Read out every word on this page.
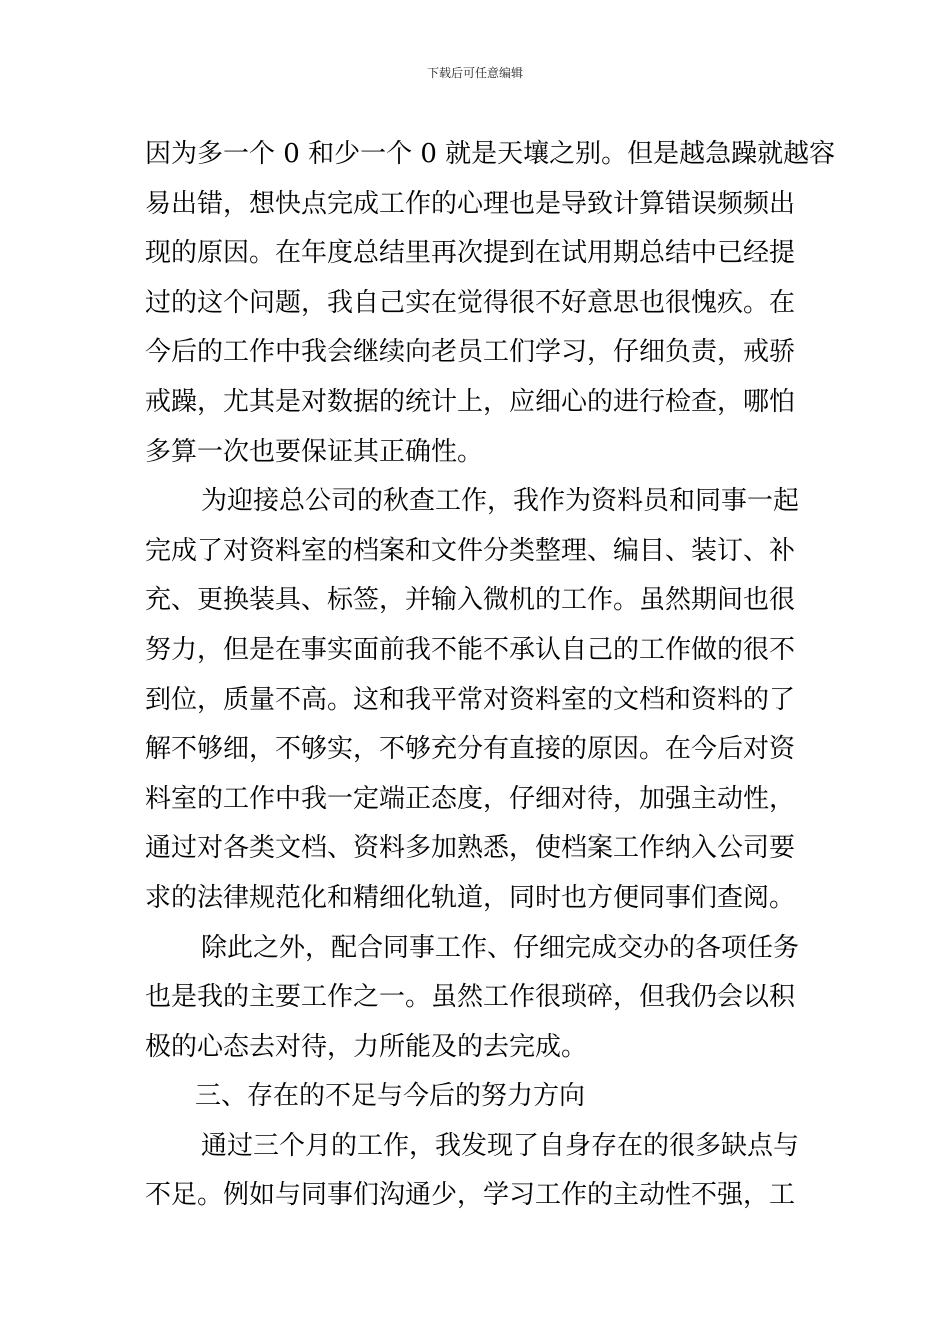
下载后可任意编辑
因为多一个 0 和少一个 0 就是天壤之别。但是越急躁就越容
易出错，想快点完成工作的心理也是导致计算错误频频出
现的原因。在年度总结里再次提到在试用期总结中已经提
过的这个问题，我自己实在觉得很不好意思也很愧疚。在
今后的工作中我会继续向老员工们学习，仔细负责，戒骄
戒躁，尤其是对数据的统计上，应细心的进行检查，哪怕
多算一次也要保证其正确性。
为迎接总公司的秋查工作，我作为资料员和同事一起
完成了对资料室的档案和文件分类整理、编目、装订、补
充、更换装具、标签，并输入微机的工作。虽然期间也很
努力，但是在事实面前我不能不承认自己的工作做的很不
到位，质量不高。这和我平常对资料室的文档和资料的了
解不够细，不够实，不够充分有直接的原因。在今后对资
料室的工作中我一定端正态度，仔细对待，加强主动性，
通过对各类文档、资料多加熟悉，使档案工作纳入公司要
求的法律规范化和精细化轨道，同时也方便同事们查阅。
除此之外，配合同事工作、仔细完成交办的各项任务
也是我的主要工作之一。虽然工作很琐碎，但我仍会以积
极的心态去对待，力所能及的去完成。
三、存在的不足与今后的努力方向
通过三个月的工作，我发现了自身存在的很多缺点与
不足。例如与同事们沟通少，学习工作的主动性不强，工
